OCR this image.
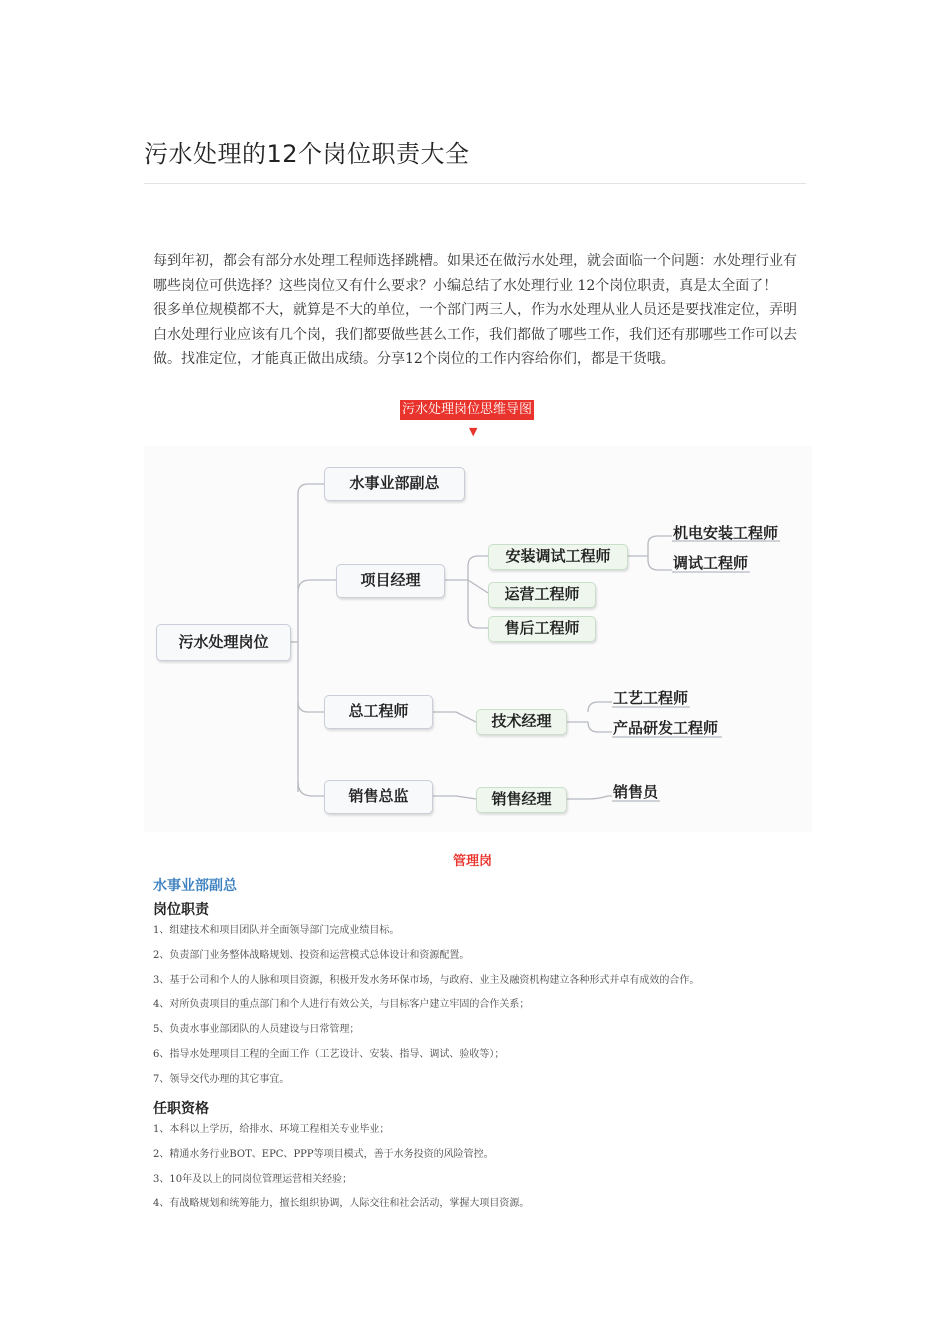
污水处理的12个岗位职责大全

每到年初，都会有部分水处理工程师选择跳槽。如果还在做污水处理，就会面临一个问题：水处理行业有哪些岗位可供选择？这些岗位又有什么要求？小编总结了水处理行业 12个岗位职责，真是太全面了！

很多单位规模都不大，就算是不大的单位，一个部门两三人，作为水处理从业人员还是要找准定位，弄明白水处理行业应该有几个岗，我们都要做些甚么工作，我们都做了哪些工作，我们还有那哪些工作可以去做。找准定位，才能真正做出成绩。分享12个岗位的工作内容给你们，都是干货哦。

污水处理岗位思维导图
▼
污水处理岗位
水事业部副总
项目经理
总工程师
销售总监
安装调试工程师
运营工程师
售后工程师
机电安装工程师
调试工程师
技术经理
工艺工程师
产品研发工程师
销售经理	销售员
管理岗
水事业部副总
岗位职责
1、组建技术和项目团队并全面领导部门完成业绩目标。
2、负责部门业务整体战略规划、投资和运营模式总体设计和资源配置。
3、基于公司和个人的人脉和项目资源，积极开发水务环保市场，与政府、业主及融资机构建立各种形式并卓有成效的合作。
4、对所负责项目的重点部门和个人进行有效公关，与目标客户建立牢固的合作关系；
5、负责水事业部团队的人员建设与日常管理；
6、指导水处理项目工程的全面工作（工艺设计、安装、指导、调试、验收等）；
7、领导交代办理的其它事宜。
任职资格
1、本科以上学历，给排水、环境工程相关专业毕业；
2、精通水务行业BOT、EPC、PPP等项目模式，善于水务投资的风险管控。
3、10年及以上的同岗位管理运营相关经验；
4、有战略规划和统筹能力，擅长组织协调，人际交往和社会活动，掌握大项目资源。
